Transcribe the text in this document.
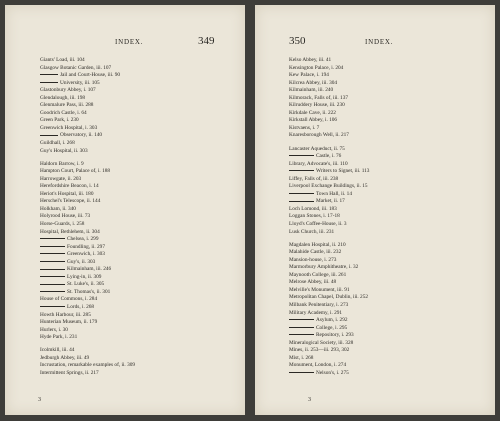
INDEX.	349
Giants' Load, iii. 104
Glasgow Botanic Garden, iii. 107
Jail and Court-House, iii. 90
University, iii. 105
Glastonbury Abbey, i. 107
Glendalough, iii. 198
Glenmalure Pass, iii. 288
Goodrich Castle, i. 64
Green Park, i. 230
Greenwich Hospital, i. 303
Observatory, ii. 140
Guildhall, i. 268
Guy's Hospital, ii. 303
Haldorn Barrow, i. 9
Hampton Court, Palace of, i. 188
Harrowgate, ii. 203
Herefordshire Beacon, i. 14
Heriot's Hospital, iii. 180
Herschel's Telescope, ii. 144
Holkham, ii. 340
Holyrood House, iii. 73
Horse-Guards, i. 258
Hospital, Bethlehem, ii. 304
Chelsea, i. 299
Foundling, ii. 297
Greenwich, i. 303
Guy's, ii. 303
Kilmainham, iii. 246
Lying-in, ii. 309
St. Luke's, ii. 305
St. Thomas's, ii. 301
House of Commons, i. 284
Lords, i. 268
Howth Harbour, iii. 285
Hunterian Museum, ii. 179
Hurlers, i. 30
Hyde Park, i. 231
Icolmkill, iii. 44
Jedburgh Abbey, iii. 49
Incrustation, remarkable examples of, ii. 309
Intermittent Springs, ii. 217
3
350	INDEX.
Kelso Abbey, iii. 41
Kensington Palace, i. 204
Kew Palace, i. 194
Kilcrea Abbey, iii. 304
Kilmainham, iii. 240
Kilmorack, Falls of, iii. 137
Kilruddery House, iii. 230
Kirkdale Cave, ii. 222
Kirkstall Abbey, i. 106
Kistvaens, i. 7
Knaresborough Well, ii. 217
Lancaster Aqueduct, ii. 75
Castle, i. 76
Library, Advocate's, iii. 110
Writers to Signet, iii. 113
Liffey, Falls of, iii. 238
Liverpool Exchange Buildings, ii. 15
Town Hall, ii. 14
Market, ii. 17
Loch Lomond, iii. 183
Loggan Stones, i. 17-18
Lloyd's Coffee-House, ii. 3
Lusk Church, iii. 231
Magdalen Hospital, ii. 210
Malahide Castle, iii. 232
Mansion-house, i. 273
Marmorbury Amphitheatre, i. 32
Maynooth College, iii. 261
Melrose Abbey, iii. 48
Melville's Monument, iii. 91
Metropolitan Chapel, Dublin, iii. 252
Milbank Penitentiary, i. 273
Military Academy, i. 291
Asylum, i. 292
College, i. 295
Repository, i. 293
Mineralogical Society, iii. 328
Mines, ii. 253—iii. 293, 302
Mist, i. 268
Monument, London, i. 274
Nelson's, i. 275
3
